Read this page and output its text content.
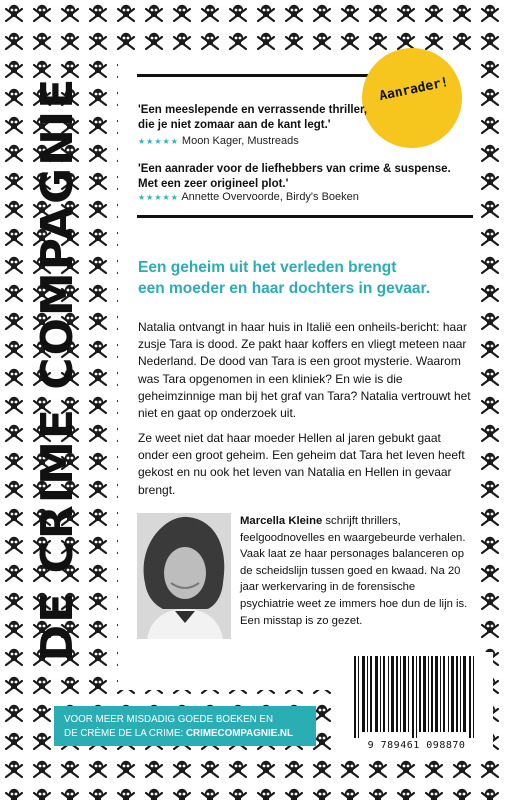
DE CRIME COMPAGNIE	Aanrader!
'Een meeslepende en verrassende thriller,
die je niet zomaar aan de kant legt.'
★★★★★ Moon Kager, Mustreads
'Een aanrader voor de liefhebbers van crime & suspense.
Met een zeer origineel plot.'
★★★★★ Annette Overvoorde, Birdy's Boeken
Een geheim uit het verleden brengt
een moeder en haar dochters in gevaar.

Natalia ontvangt in haar huis in Italië een onheils-bericht: haar zusje Tara is dood. Ze pakt haar koffers en vliegt meteen naar Nederland. De dood van Tara is een groot mysterie. Waarom was Tara opgenomen in een kliniek? En wie is die geheimzinnige man bij het graf van Tara? Natalia vertrouwt het niet en gaat op onderzoek uit.

Ze weet niet dat haar moeder Hellen al jaren gebukt gaat onder een groot geheim. Een geheim dat Tara het leven heeft gekost en nu ook het leven van Natalia en Hellen in gevaar brengt.

Marcella Kleine schrijft thrillers, feelgoodnovelles en waargebeurde verhalen. Vaak laat ze haar personages balanceren op de scheidslijn tussen goed en kwaad. Na 20 jaar werkervaring in de forensische psychiatrie weet ze immers hoe dun de lijn is. Een misstap is zo gezet.

9 789461 098870
VOOR MEER MISDADIG GOEDE BOEKEN EN
DE CRÈME DE LA CRIME: CRIMECOMPAGNIE.NL
